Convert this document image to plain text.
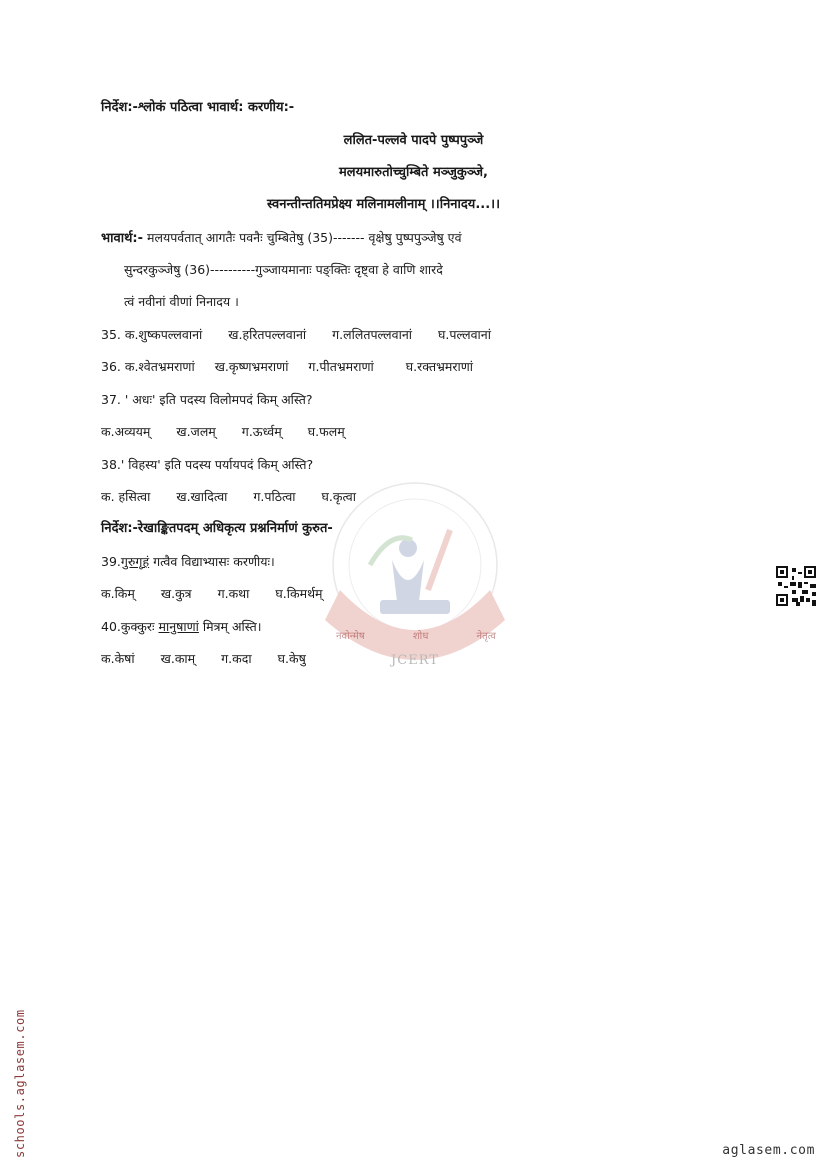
नवोन्मेष	शोध	नेतृत्व
JCERT
निर्देश:-श्लोकं पठित्वा भावार्थ: करणीय:-
ललित-पल्लवे पादपे पुष्पपुञ्जे
मलयमारुतोच्चुम्बिते मञ्जुकुञ्जे,
स्वनन्तीन्ततिमप्रेक्ष्य मलिनामलीनाम् ।।निनादय...।।
भावार्थ:- मलयपर्वतात् आगतैः पवनैः चुम्बितेषु (35)------- वृक्षेषु पुष्पपुञ्जेषु एवं
सुन्दरकुञ्जेषु (36)----------गुञ्जायमानाः पङ्क्तिः दृष्ट्वा हे वाणि शारदे
त्वं नवीनां वीणां निनादय ।
35. क.शुष्कपल्लवानां ख.हरितपल्लवानां ग.ललितपल्लवानां घ.पल्लवानां
36. क.श्वेतभ्रमराणां ख.कृष्णभ्रमराणां ग.पीतभ्रमराणां	घ.रक्तभ्रमराणां
37. ' अधः' इति पदस्य विलोमपदं किम् अस्ति?
क.अव्ययम् ख.जलम् ग.ऊर्ध्वम् घ.फलम्
38.' विहस्य' इति पदस्य पर्यायपदं किम् अस्ति?
क. हसित्वा ख.खादित्वा ग.पठित्वा घ.कृत्वा
निर्देश:-रेखाङ्कितपदम् अधिकृत्य प्रश्ननिर्माणं कुरुत-
39.गुरुगृहं गत्वैव विद्याभ्यासः करणीयः।
क.किम् ख.कुत्र ग.कथा घ.किमर्थम्
40.कुक्कुरः मानुषाणां मित्रम् अस्ति।
क.केषां ख.काम् ग.कदा घ.केषु
schools.aglasem.com	aglasem.com
